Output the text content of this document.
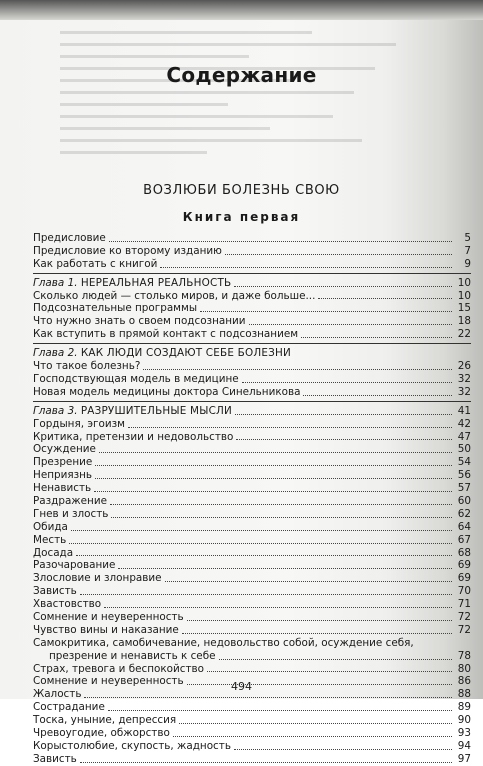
Содержание
ВОЗЛЮБИ БОЛЕЗНЬ СВОЮ
Книга первая
Предисловие	5
Предисловие ко второму изданию	7
Как работать с книгой	9
Глава 1. НЕРЕАЛЬНАЯ РЕАЛЬНОСТЬ	10
Сколько людей — столько миров, и даже больше...	10
Подсознательные программы	15
Что нужно знать о своем подсознании	18
Как вступить в прямой контакт с подсознанием	22
Глава 2. КАК ЛЮДИ СОЗДАЮТ СЕБЕ БОЛЕЗНИ
Что такое болезнь?	26
Господствующая модель в медицине	32
Новая модель медицины доктора Синельникова	32
Глава 3. РАЗРУШИТЕЛЬНЫЕ МЫСЛИ	41
Гордыня, эгоизм	42
Критика, претензии и недовольство	47
Осуждение	50
Презрение	54
Неприязнь	56
Ненависть	57
Раздражение	60
Гнев и злость	62
Обида	64
Месть	67
Досада	68
Разочарование	69
Злословие и злонравие	69
Зависть	70
Хвастовство	71
Сомнение и неуверенность	72
Чувство вины и наказание	72
Самокритика, самобичевание, недовольство собой, осуждение себя,
презрение и ненависть к себе	78
Страх, тревога и беспокойство	80
Сомнение и неуверенность	86
Жалость	88
Сострадание	89
Тоска, уныние, депрессия	90
Чревоугодие, обжорство	93
Корыстолюбие, скупость, жадность	94
Зависть	97
494
